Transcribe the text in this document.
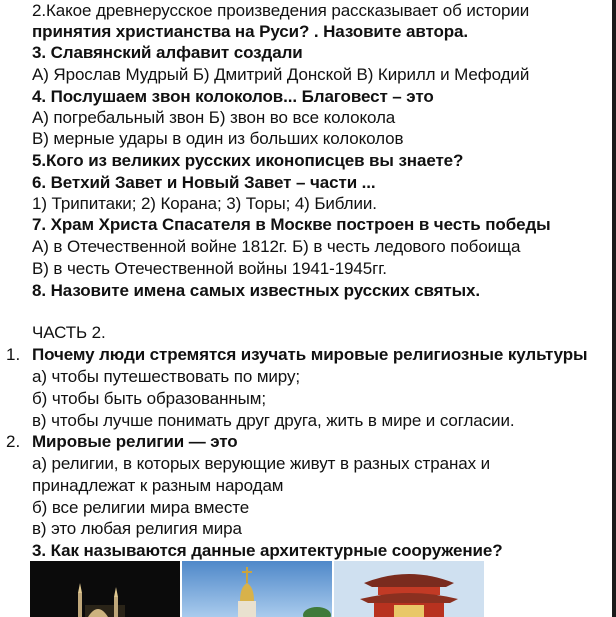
2.Какое древнерусское произведения рассказывает об истории
принятия христианства на Руси? . Назовите автора.
3. Славянский алфавит создали
А) Ярослав Мудрый Б) Дмитрий Донской В) Кирилл и Мефодий
4. Послушаем звон колоколов... Благовест – это
А) погребальный звон Б) звон во все колокола
В) мерные удары в один из больших колоколов
5.Кого из великих русских иконописцев вы знаете?
6. Ветхий Завет и Новый Завет – части ...
1) Трипитаки; 2) Корана; 3) Торы; 4) Библии.
7. Храм Христа Спасателя в Москве построен в честь победы
А) в Отечественной войне 1812г. Б) в честь ледового побоища
В) в честь Отечественной войны 1941-1945гг.
8. Назовите имена самых известных русских святых.
ЧАСТЬ 2.
1. Почему люди стремятся изучать мировые религиозные культуры
а) чтобы путешествовать по миру;
б) чтобы быть образованным;
в) чтобы лучше понимать друг друга, жить в мире и согласии.
2. Мировые религии — это
а) религии, в которых верующие живут в разных странах и
принадлежат к разным народам
б) все религии мира вместе
в) это любая религия мира
3. Как называются данные архитектурные сооружение?
